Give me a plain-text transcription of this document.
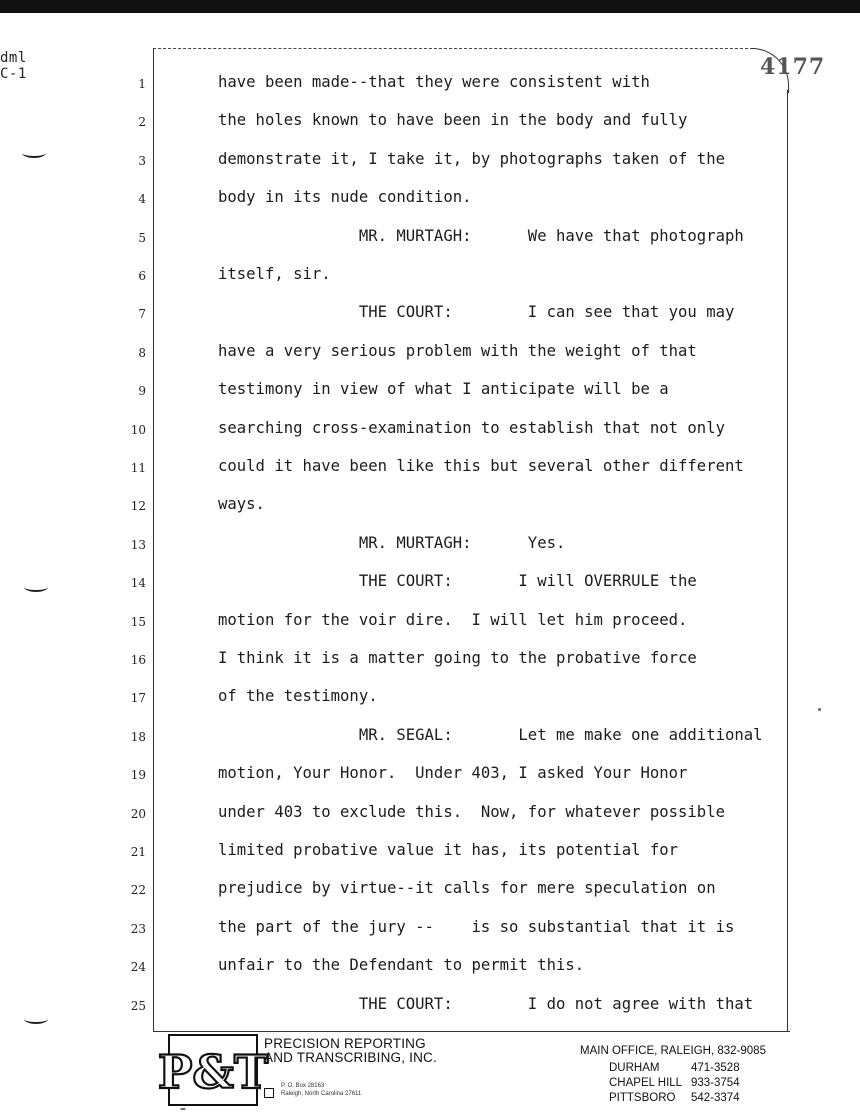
dml
C-1	4177
1	have been made--that they were consistent with
2	the holes known to have been in the body and fully
3	demonstrate it, I take it, by photographs taken of the
4	body in its nude condition.
5	MR. MURTAGH:      We have that photograph
6	itself, sir.
7	THE COURT:        I can see that you may
8	have a very serious problem with the weight of that
9	testimony in view of what I anticipate will be a
10	searching cross-examination to establish that not only
11	could it have been like this but several other different
12	ways.
13	MR. MURTAGH:      Yes.
14	THE COURT:       I will OVERRULE the
15	motion for the voir dire.  I will let him proceed.
16	I think it is a matter going to the probative force
17	of the testimony.
18	MR. SEGAL:       Let me make one additional
19	motion, Your Honor.  Under 403, I asked Your Honor
20	under 403 to exclude this.  Now, for whatever possible
21	limited probative value it has, its potential for
22	prejudice by virtue--it calls for mere speculation on
23	the part of the jury --    is so substantial that it is
24	unfair to the Defendant to permit this.
25	THE COURT:        I do not agree with that
P&T
PRECISION REPORTING
AND TRANSCRIBING, INC.
P. O. Box 28163
Raleigh, North Carolina 27611
MAIN OFFICE, RALEIGH, 832-9085
DURHAM	471-3528
CHAPEL HILL 933-3754
PITTSBORO 542-3374
